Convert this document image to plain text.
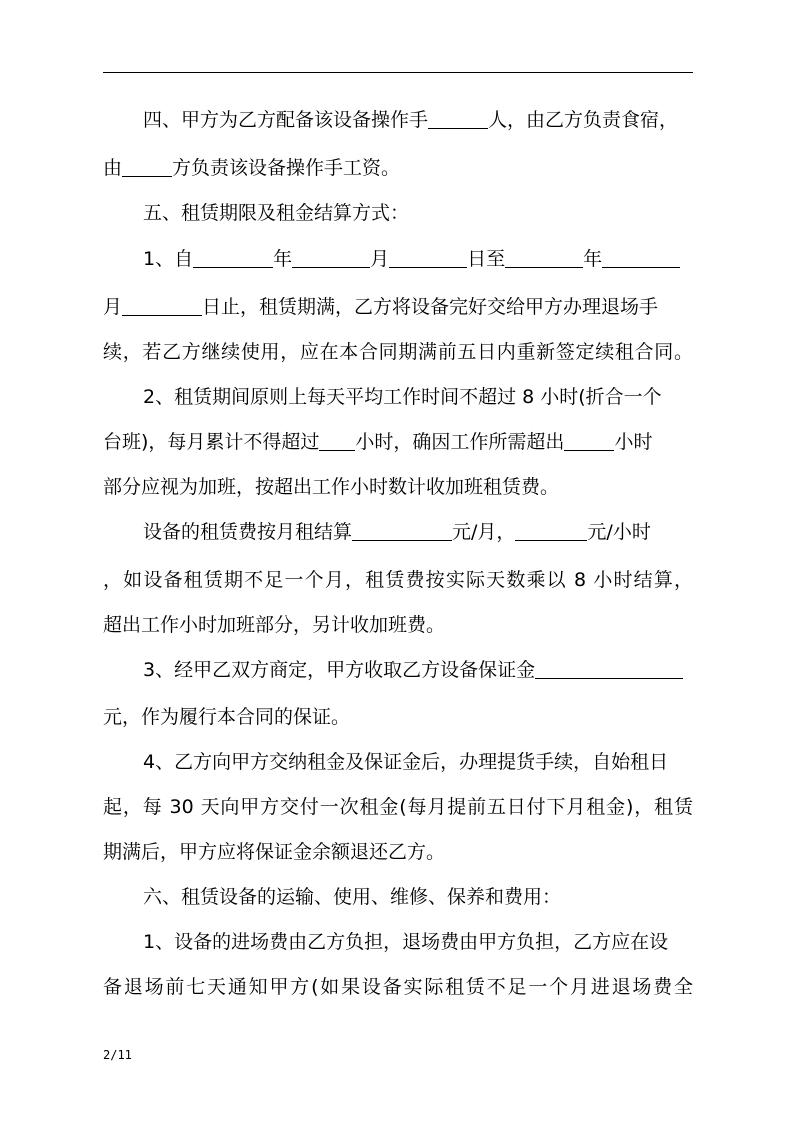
四、甲方为乙方配备该设备操作手	人，由乙方负责食宿，
由	方负责该设备操作手工资。
五、租赁期限及租金结算方式：
1、自	年	月	日至	年
月	日止，租赁期满，乙方将设备完好交给甲方办理退场手
续，若乙方继续使用，应在本合同期满前五日内重新签定续租合同。
2、租赁期间原则上每天平均工作时间不超过 8 小时(折合一个
台班)，每月累计不得超过 小时，确因工作所需超出	小时
部分应视为加班，按超出工作小时数计收加班租赁费。
设备的租赁费按月租结算	元/月，	元/小时
，如设备租赁期不足一个月，租赁费按实际天数乘以 8 小时结算，
超出工作小时加班部分，另计收加班费。
3、经甲乙双方商定，甲方收取乙方设备保证金
元，作为履行本合同的保证。
4、乙方向甲方交纳租金及保证金后，办理提货手续，自始租日
起，每 30 天向甲方交付一次租金(每月提前五日付下月租金)，租赁
期满后，甲方应将保证金余额退还乙方。
六、租赁设备的运输、使用、维修、保养和费用：
1、设备的进场费由乙方负担，退场费由甲方负担，乙方应在设
备退场前七天通知甲方(如果设备实际租赁不足一个月进退场费全
2/11
